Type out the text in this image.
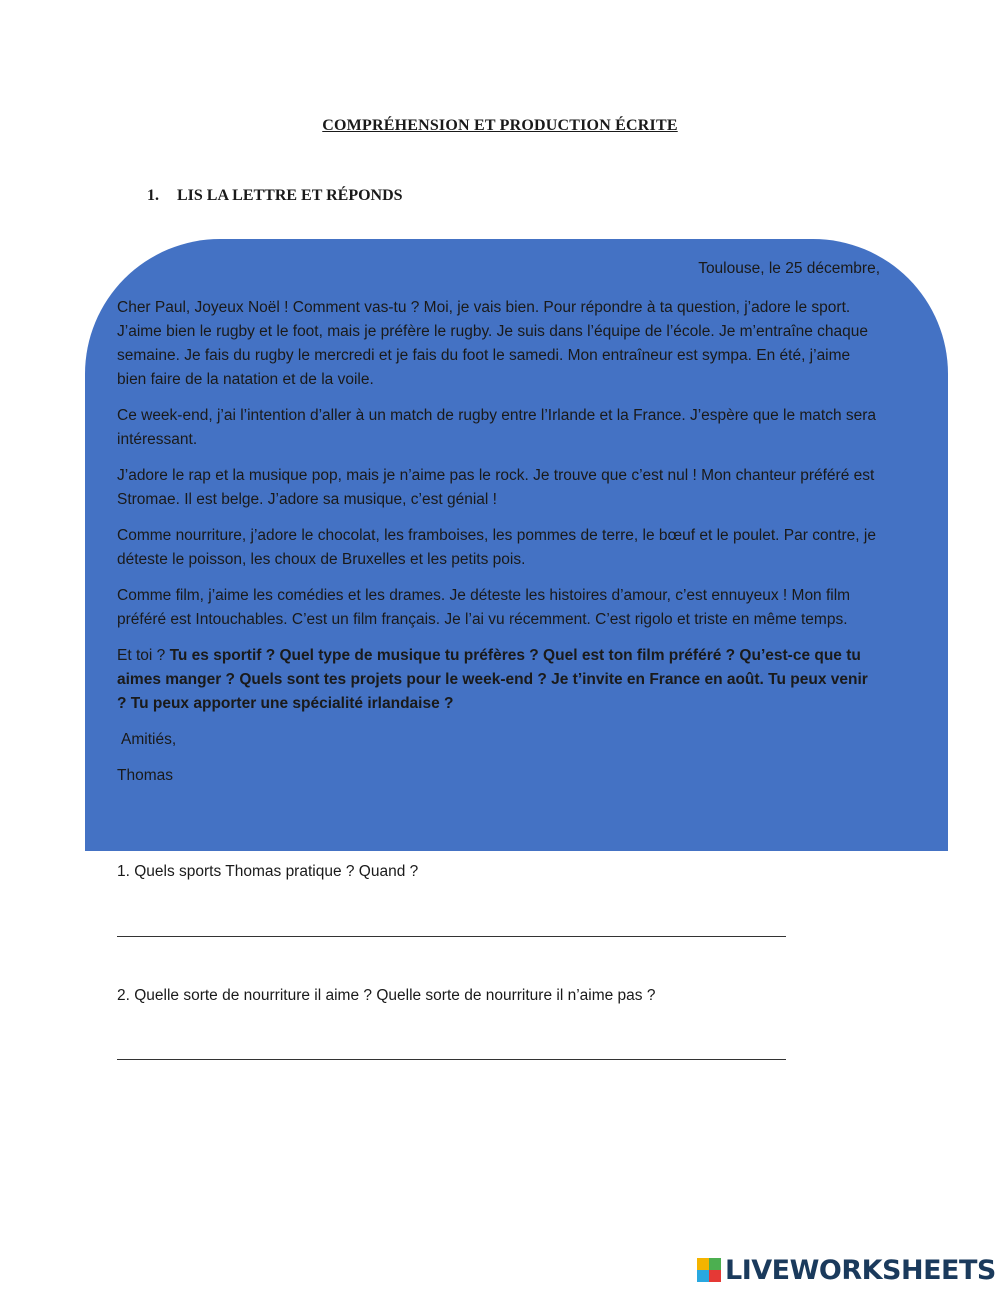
COMPRÉHENSION ET PRODUCTION ÉCRITE
1. LIS LA LETTRE ET RÉPONDS
Toulouse, le 25 décembre,

Cher Paul, Joyeux Noël ! Comment vas-tu ? Moi, je vais bien. Pour répondre à ta question, j’adore le sport. J’aime bien le rugby et le foot, mais je préfère le rugby. Je suis dans l’équipe de l’école. Je m’entraîne chaque semaine. Je fais du rugby le mercredi et je fais du foot le samedi. Mon entraîneur est sympa. En été, j’aime bien faire de la natation et de la voile.

Ce week-end, j’ai l’intention d’aller à un match de rugby entre l’Irlande et la France. J’espère que le match sera intéressant.

J’adore le rap et la musique pop, mais je n’aime pas le rock. Je trouve que c’est nul ! Mon chanteur préféré est Stromae. Il est belge. J’adore sa musique, c’est génial !

Comme nourriture, j’adore le chocolat, les framboises, les pommes de terre, le bœuf et le poulet. Par contre, je déteste le poisson, les choux de Bruxelles et les petits pois.

Comme film, j’aime les comédies et les drames. Je déteste les histoires d’amour, c’est ennuyeux ! Mon film préféré est Intouchables. C’est un film français. Je l’ai vu récemment. C’est rigolo et triste en même temps.

Et toi ? Tu es sportif ? Quel type de musique tu préfères ? Quel est ton film préféré ? Qu’est-ce que tu aimes manger ? Quels sont tes projets pour le week-end ? Je t’invite en France en août. Tu peux venir ? Tu peux apporter une spécialité irlandaise ?

Amitiés,

Thomas

1. Quels sports Thomas pratique ? Quand ?
2. Quelle sorte de nourriture il aime ? Quelle sorte de nourriture il n’aime pas ?
LIVEWORKSHEETS
